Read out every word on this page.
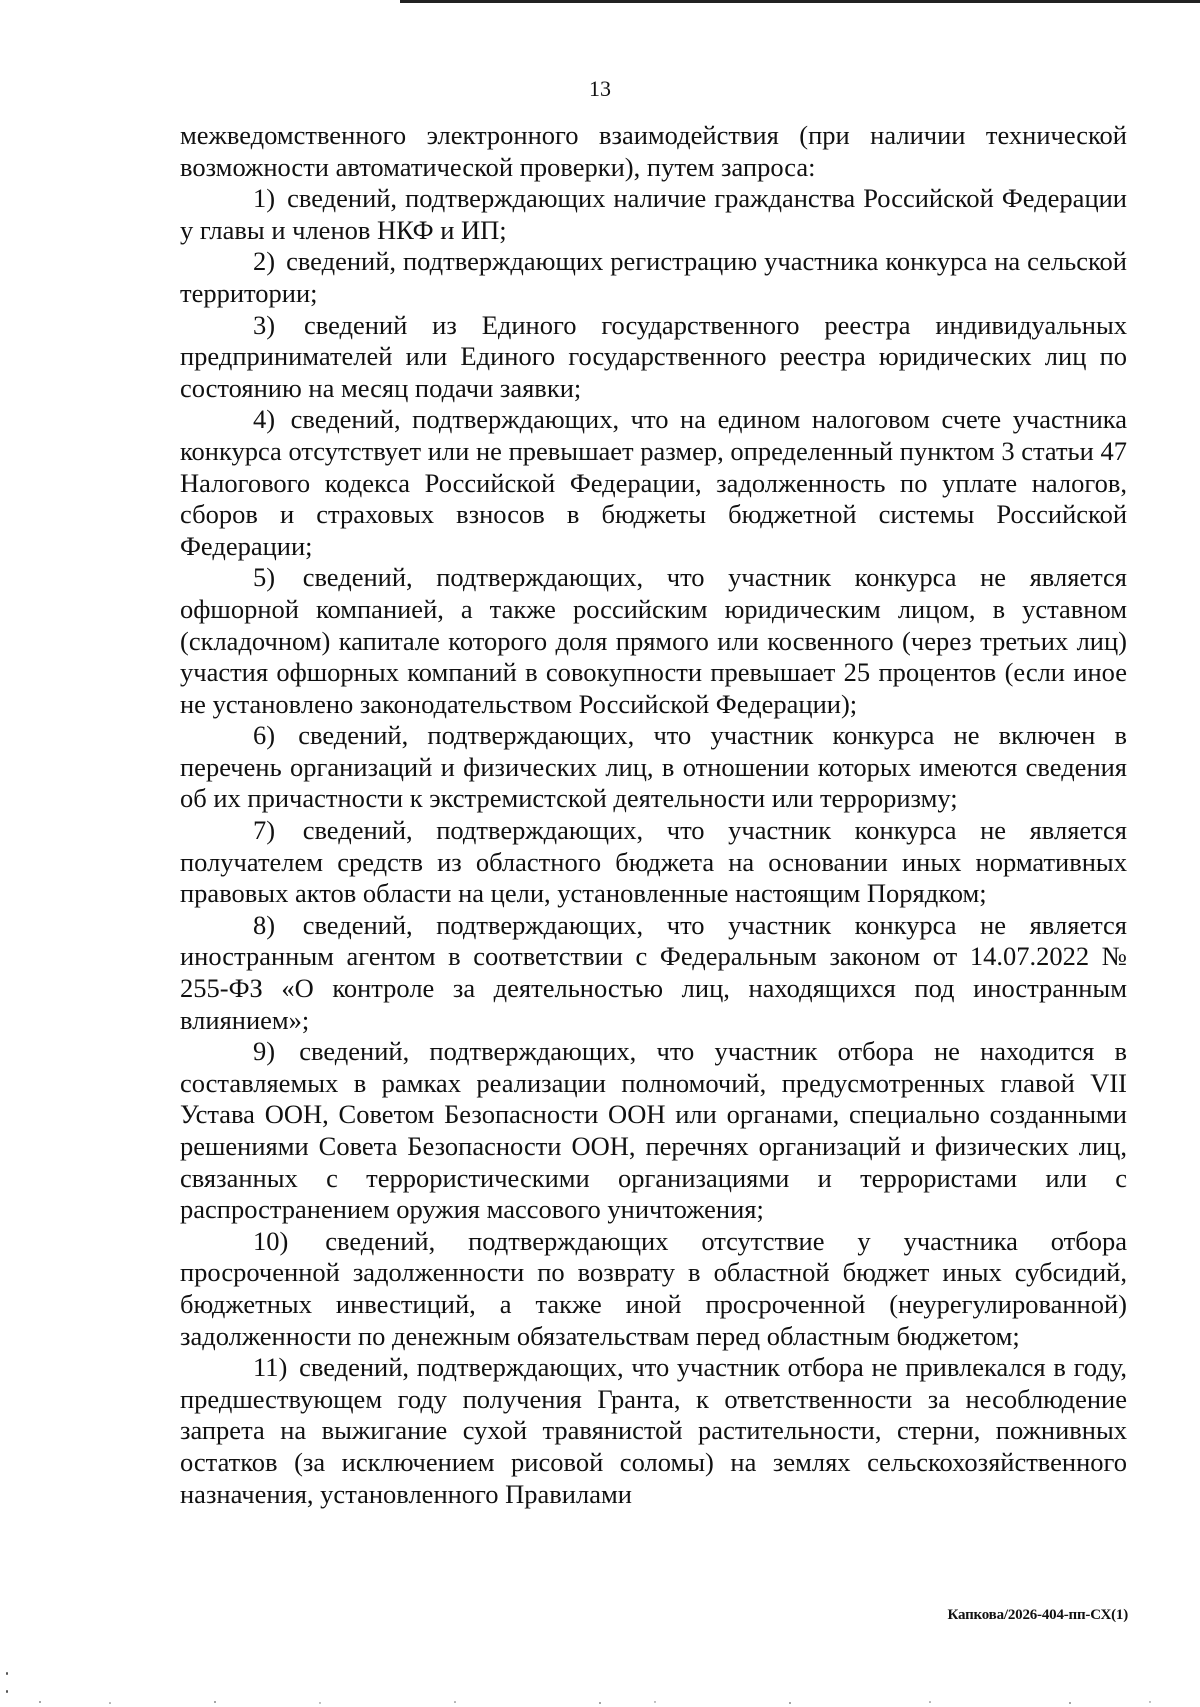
13

межведомственного электронного взаимодействия (при наличии технической возможности автоматической проверки), путем запроса:

1) сведений, подтверждающих наличие гражданства Российской Федерации у главы и членов НКФ и ИП;

2) сведений, подтверждающих регистрацию участника конкурса на сельской территории;

3) сведений из Единого государственного реестра индивидуальных предпринимателей или Единого государственного реестра юридических лиц по состоянию на месяц подачи заявки;

4) сведений, подтверждающих, что на едином налоговом счете участника конкурса отсутствует или не превышает размер, определенный пунктом 3 статьи 47 Налогового кодекса Российской Федерации, задолженность по уплате налогов, сборов и страховых взносов в бюджеты бюджетной системы Российской Федерации;

5) сведений, подтверждающих, что участник конкурса не является офшорной компанией, а также российским юридическим лицом, в уставном (складочном) капитале которого доля прямого или косвенного (через третьих лиц) участия офшорных компаний в совокупности превышает 25 процентов (если иное не установлено законодательством Российской Федерации);

6) сведений, подтверждающих, что участник конкурса не включен в перечень организаций и физических лиц, в отношении которых имеются сведения об их причастности к экстремистской деятельности или терроризму;

7) сведений, подтверждающих, что участник конкурса не является получателем средств из областного бюджета на основании иных нормативных правовых актов области на цели, установленные настоящим Порядком;

8) сведений, подтверждающих, что участник конкурса не является иностранным агентом в соответствии с Федеральным законом от 14.07.2022 № 255-ФЗ «О контроле за деятельностью лиц, находящихся под иностранным влиянием»;

9) сведений, подтверждающих, что участник отбора не находится в составляемых в рамках реализации полномочий, предусмотренных главой VII Устава ООН, Советом Безопасности ООН или органами, специально созданными решениями Совета Безопасности ООН, перечнях организаций и физических лиц, связанных с террористическими организациями и террористами или с распространением оружия массового уничтожения;

10) сведений, подтверждающих отсутствие у участника отбора просроченной задолженности по возврату в областной бюджет иных субсидий, бюджетных инвестиций, а также иной просроченной (неурегулированной) задолженности по денежным обязательствам перед областным бюджетом;

11) сведений, подтверждающих, что участник отбора не привлекался в году, предшествующем году получения Гранта, к ответственности за несоблюдение запрета на выжигание сухой травянистой растительности, стерни, пожнивных остатков (за исключением рисовой соломы) на землях сельскохозяйственного назначения, установленного Правилами

Капкова/2026-404-пп-СХ(1)
